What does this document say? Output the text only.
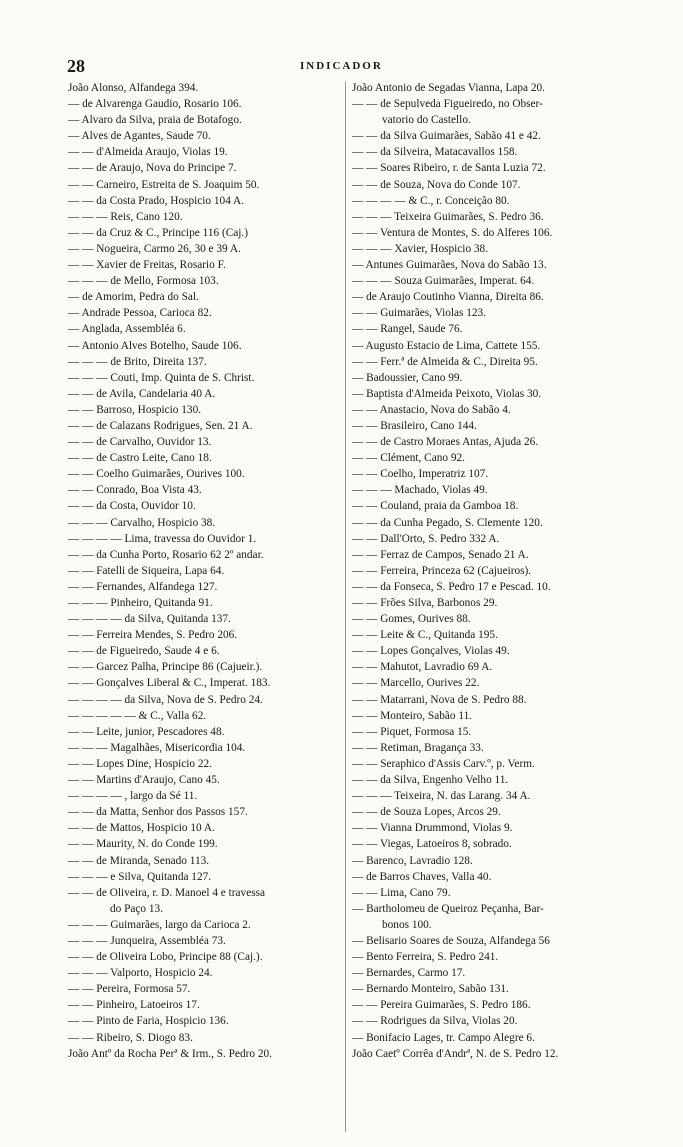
28	INDICADOR
João Alonso, Alfandega 394.
— de Alvarenga Gaudio, Rosario 106.
— Alvaro da Silva, praia de Botafogo.
— Alves de Agantes, Saude 70.
— — d'Almeida Araujo, Violas 19.
— — de Araujo, Nova do Principe 7.
— — Carneiro, Estreita de S. Joaquim 50.
— — da Costa Prado, Hospicio 104 A.
— — — Reis, Cano 120.
— — da Cruz & C., Principe 116 (Caj.)
— — Nogueira, Carmo 26, 30 e 39 A.
— — Xavier de Freitas, Rosario F.
— — — de Mello, Formosa 103.
— de Amorim, Pedra do Sal.
— Andrade Pessoa, Carioca 82.
— Anglada, Assembléa 6.
— Antonio Alves Botelho, Saude 106.
— — — de Brito, Direita 137.
— — — Couti, Imp. Quinta de S. Christ.
— — de Avila, Candelaria 40 A.
— — Barroso, Hospicio 130.
— — de Calazans Rodrigues, Sen. 21 A.
— — de Carvalho, Ouvidor 13.
— — de Castro Leite, Cano 18.
— — Coelho Guimarães, Ourives 100.
— — Conrado, Boa Vista 43.
— — da Costa, Ouvidor 10.
— — — Carvalho, Hospicio 38.
— — — — Lima, travessa do Ouvidor 1.
— — da Cunha Porto, Rosario 62 2º andar.
— — Fatelli de Siqueira, Lapa 64.
— — Fernandes, Alfandega 127.
— — — Pinheiro, Quitanda 91.
— — — — da Silva, Quitanda 137.
— — Ferreira Mendes, S. Pedro 206.
— — de Figueiredo, Saude 4 e 6.
— — Garcez Palha, Principe 86 (Cajueir.).
— — Gonçalves Liberal & C., Imperat. 183.
— — — — da Silva, Nova de S. Pedro 24.
— — — — — & C., Valla 62.
— — Leite, junior, Pescadores 48.
— — — Magalhães, Misericordia 104.
— — Lopes Dine, Hospicio 22.
— — Martins d'Araujo, Cano 45.
— — — — , largo da Sé 11.
— — da Matta, Senhor dos Passos 157.
— — de Mattos, Hospicio 10 A.
— — Maurity, N. do Conde 199.
— — de Miranda, Senado 113.
— — — e Silva, Quitanda 127.
— — de Oliveira, r. D. Manoel 4 e travessa
do Paço 13.
— — — Guimarães, largo da Carioca 2.
— — — Junqueira, Assembléa 73.
— — de Oliveira Lobo, Principe 88 (Caj.).
— — — Valporto, Hospicio 24.
— — Pereira, Formosa 57.
— — Pinheiro, Latoeiros 17.
— — Pinto de Faria, Hospicio 136.
— — Ribeiro, S. Diogo 83.
João Antº da Rocha Perª & Irm., S. Pedro 20.
João Antonio de Segadas Vianna, Lapa 20.
— — de Sepulveda Figueiredo, no Obser-
vatorio do Castello.
— — da Silva Guimarães, Sabão 41 e 42.
— — da Silveira, Matacavallos 158.
— — Soares Ribeiro, r. de Santa Luzia 72.
— — de Souza, Nova do Conde 107.
— — — — & C., r. Conceição 80.
— — — Teixeira Guimarães, S. Pedro 36.
— — Ventura de Montes, S. do Alferes 106.
— — — Xavier, Hospicio 38.
— Antunes Guimarães, Nova do Sabão 13.
— — — Souza Guimarães, Imperat. 64.
— de Araujo Coutinho Vianna, Direita 86.
— — Guimarães, Violas 123.
— — Rangel, Saude 76.
— Augusto Estacio de Lima, Cattete 155.
— — Ferr.ª de Almeida & C., Direita 95.
— Badoussier, Cano 99.
— Baptista d'Almeida Peixoto, Violas 30.
— — Anastacio, Nova do Sabão 4.
— — Brasileiro, Cano 144.
— — de Castro Moraes Antas, Ajuda 26.
— — Clément, Cano 92.
— — Coelho, Imperatriz 107.
— — — Machado, Violas 49.
— — Couland, praia da Gamboa 18.
— — da Cunha Pegado, S. Clemente 120.
— — Dall'Orto, S. Pedro 332 A.
— — Ferraz de Campos, Senado 21 A.
— — Ferreira, Princeza 62 (Cajueiros).
— — da Fonseca, S. Pedro 17 e Pescad. 10.
— — Frões Silva, Barbonos 29.
— — Gomes, Ourives 88.
— — Leite & C., Quitanda 195.
— — Lopes Gonçalves, Violas 49.
— — Mahutot, Lavradio 69 A.
— — Marcello, Ourives 22.
— — Matarrani, Nova de S. Pedro 88.
— — Monteiro, Sabão 11.
— — Piquet, Formosa 15.
— — Retiman, Bragança 33.
— — Seraphico d'Assis Carv.º, p. Verm.
— — da Silva, Engenho Velho 11.
— — — Teixeira, N. das Larang. 34 A.
— — de Souza Lopes, Arcos 29.
— — Vianna Drummond, Violas 9.
— — Viegas, Latoeiros 8, sobrado.
— Barenco, Lavradio 128.
— de Barros Chaves, Valla 40.
— — Lima, Cano 79.
— Bartholomeu de Queiroz Peçanha, Bar-
bonos 100.
— Belisario Soares de Souza, Alfandega 56
— Bento Ferreira, S. Pedro 241.
— Bernardes, Carmo 17.
— Bernardo Monteiro, Sabão 131.
— — Pereira Guimarães, S. Pedro 186.
— — Rodrigues da Silva, Violas 20.
— Bonifacio Lages, tr. Campo Alegre 6.
João Caetº Corrêa d'Andrª, N. de S. Pedro 12.
